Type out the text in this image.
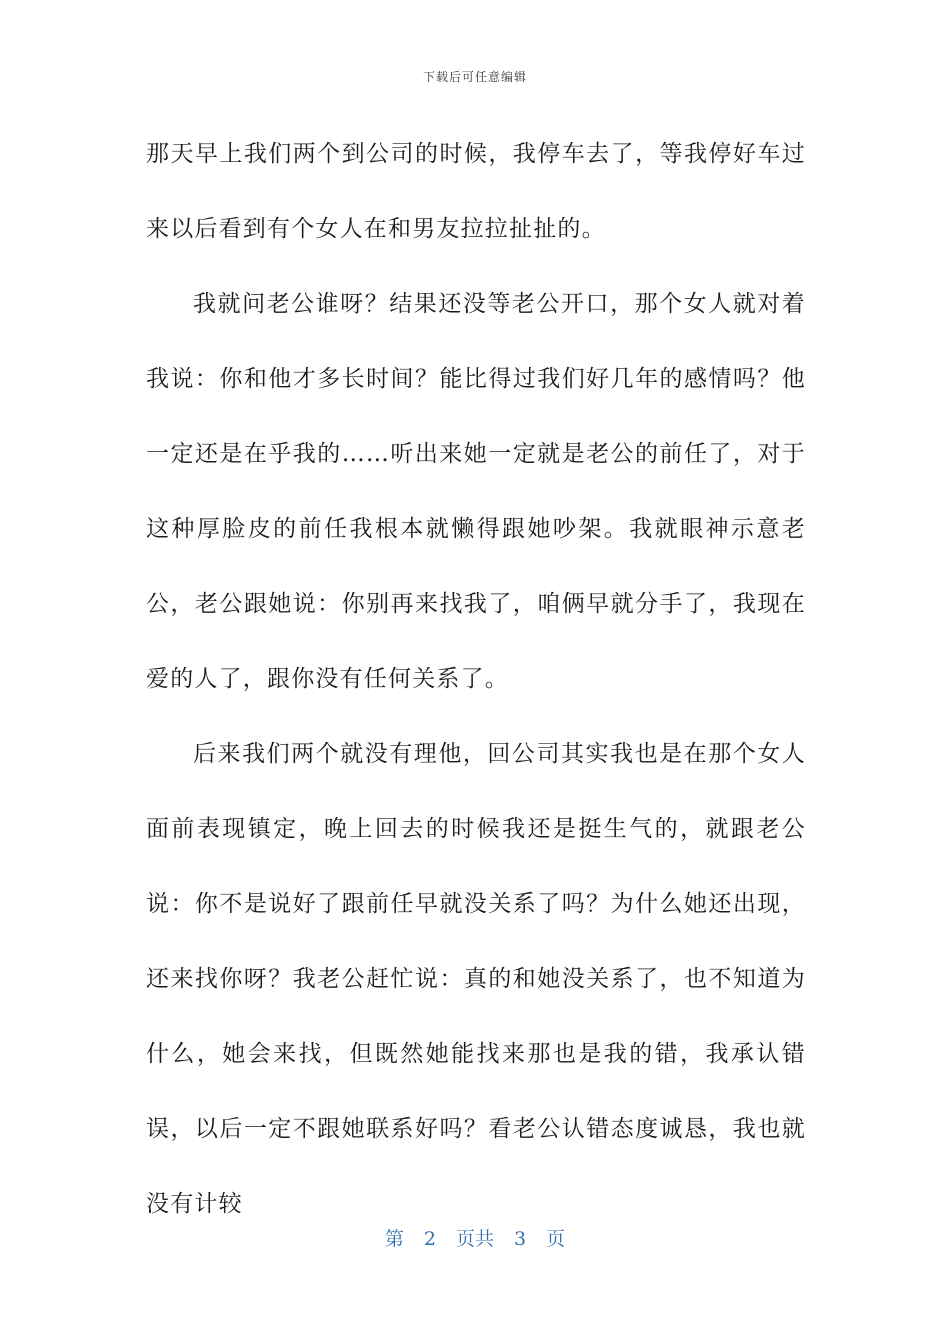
下载后可任意编辑

那天早上我们两个到公司的时候，我停车去了，等我停好车过来以后看到有个女人在和男友拉拉扯扯的。

我就问老公谁呀？结果还没等老公开口，那个女人就对着我说：你和他才多长时间？能比得过我们好几年的感情吗？他一定还是在乎我的……听出来她一定就是老公的前任了，对于这种厚脸皮的前任我根本就懒得跟她吵架。我就眼神示意老公，老公跟她说：你别再来找我了，咱俩早就分手了，我现在爱的人了，跟你没有任何关系了。

后来我们两个就没有理他，回公司其实我也是在那个女人面前表现镇定，晚上回去的时候我还是挺生气的，就跟老公说：你不是说好了跟前任早就没关系了吗？为什么她还出现，还来找你呀？我老公赶忙说：真的和她没关系了，也不知道为什么，她会来找，但既然她能找来那也是我的错，我承认错误，以后一定不跟她联系好吗？看老公认错态度诚恳，我也就没有计较

第 2 页共 3 页
